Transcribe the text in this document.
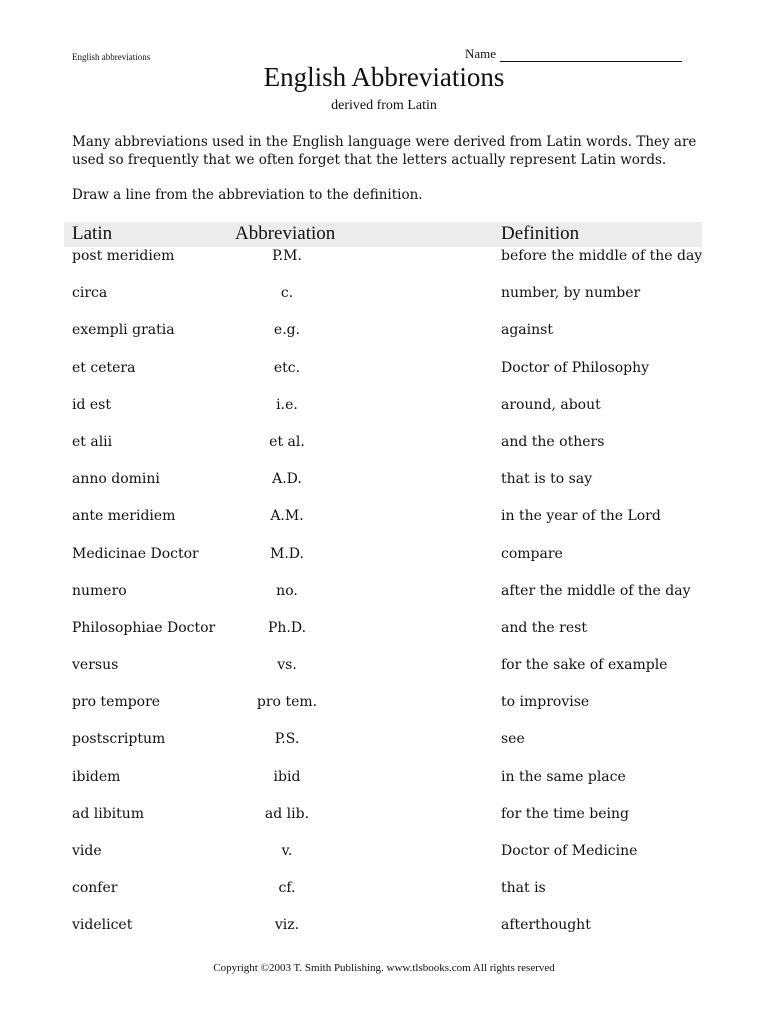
English abbreviations	Name
English Abbreviations
derived from Latin
Many abbreviations used in the English language were derived from Latin words. They are used so frequently that we often forget that the letters actually represent Latin words.
Draw a line from the abbreviation to the definition.
Latin	Abbreviation	Definition
post meridiem	P.M.	before the middle of the day
circa	c.	number, by number
exempli gratia	e.g.	against
et cetera	etc.	Doctor of Philosophy
id est	i.e.	around, about
et alii	et al.	and the others
anno domini	A.D.	that is to say
ante meridiem	A.M.	in the year of the Lord
Medicinae Doctor	M.D.	compare
numero	no.	after the middle of the day
Philosophiae Doctor	Ph.D.	and the rest
versus	vs.	for the sake of example
pro tempore	pro tem.	to improvise
postscriptum	P.S.	see
ibidem	ibid	in the same place
ad libitum	ad lib.	for the time being
vide	v.	Doctor of Medicine
confer	cf.	that is
videlicet	viz.	afterthought
Copyright ©2003 T. Smith Publishing. www.tlsbooks.com All rights reserved
